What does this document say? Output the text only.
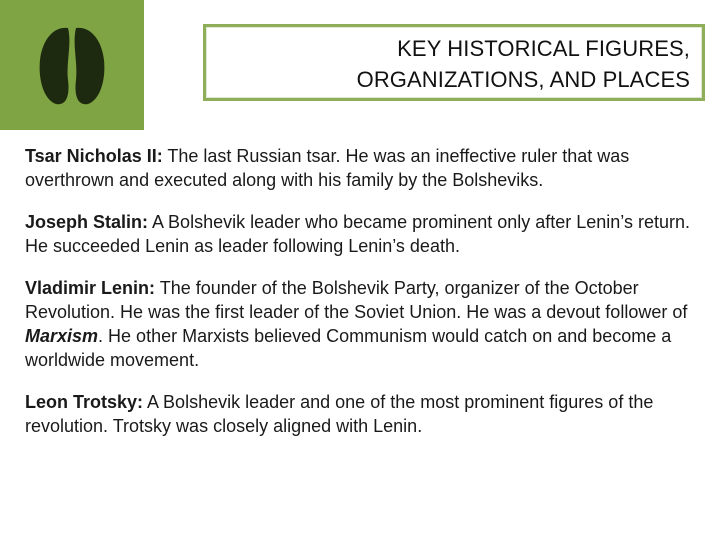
KEY HISTORICAL FIGURES,
ORGANIZATIONS, AND PLACES

Tsar Nicholas II: The last Russian tsar. He was an ineffective ruler that was overthrown and executed along with his family by the Bolsheviks.

Joseph Stalin: A Bolshevik leader who became prominent only after Lenin’s return. He succeeded Lenin as leader following Lenin’s death.

Vladimir Lenin: The founder of the Bolshevik Party, organizer of the October Revolution. He was the first leader of the Soviet Union. He was a devout follower of Marxism. He other Marxists believed Communism would catch on and become a worldwide movement.

Leon Trotsky: A Bolshevik leader and one of the most prominent figures of the revolution. Trotsky was closely aligned with Lenin.
